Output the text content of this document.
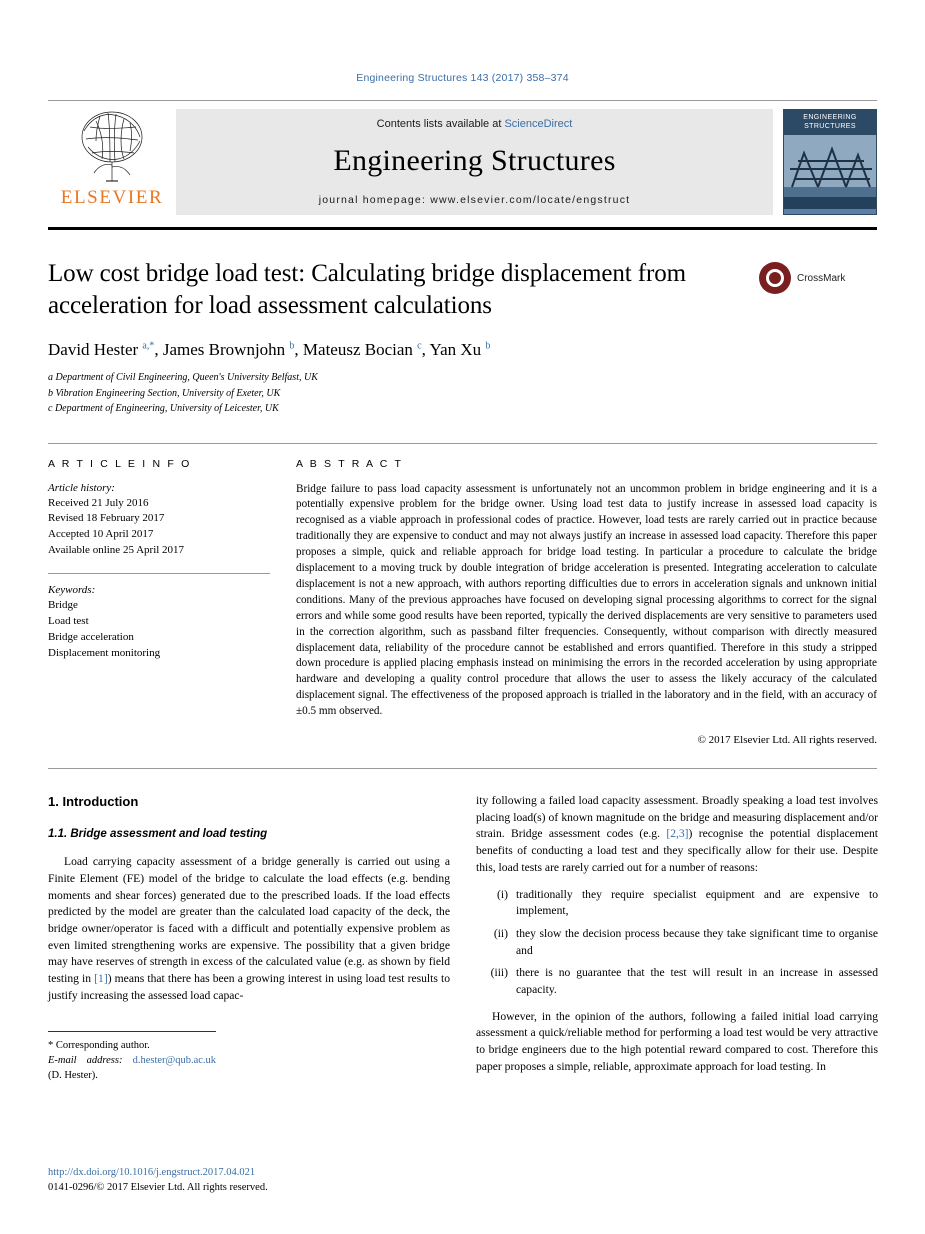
Engineering Structures 143 (2017) 358–374
ELSEVIER
Contents lists available at ScienceDirect
Engineering Structures
journal homepage: www.elsevier.com/locate/engstruct
ENGINEERING
STRUCTURES
Low cost bridge load test: Calculating bridge displacement from acceleration for load assessment calculations
CrossMark
David Hester $^{a,*}$, James Brownjohn $^b$, Mateusz Bocian $^c$, Yan Xu $^b$
a Department of Civil Engineering, Queen's University Belfast, UK
b Vibration Engineering Section, University of Exeter, UK
c Department of Engineering, University of Leicester, UK
A R T I C L E I N F O
Article history:
Received 21 July 2016
Revised 18 February 2017
Accepted 10 April 2017
Available online 25 April 2017
Keywords:
Bridge
Load test
Bridge acceleration
Displacement monitoring
A B S T R A C T
Bridge failure to pass load capacity assessment is unfortunately not an uncommon problem in bridge engineering and it is a potentially expensive problem for the bridge owner. Using load test data to justify increase in assessed load capacity is recognised as a viable approach in professional codes of practice. However, load tests are rarely carried out in practice because traditionally they are expensive to conduct and may not always justify an increase in assessed load capacity. Therefore this paper proposes a simple, quick and reliable approach for bridge load testing. In particular a procedure to calculate the bridge displacement to a moving truck by double integration of bridge acceleration is presented. Integrating acceleration to calculate displacement is not a new approach, with authors reporting difficulties due to errors in acceleration signals and unknown initial conditions. Many of the previous approaches have focused on developing signal processing algorithms to correct for the signal errors and while some good results have been reported, typically the derived displacements are very sensitive to parameters used in the correction algorithm, such as passband filter frequencies. Consequently, without comparison with directly measured displacement data, reliability of the procedure cannot be established and errors quantified. Therefore in this study a stripped down procedure is applied placing emphasis instead on minimising the errors in the recorded acceleration by using appropriate hardware and developing a quality control procedure that allows the user to assess the likely accuracy of the calculated displacement signal. The effectiveness of the proposed approach is trialled in the laboratory and in the field, with an accuracy of ±0.5 mm observed.
© 2017 Elsevier Ltd. All rights reserved.
1. Introduction
1.1. Bridge assessment and load testing

Load carrying capacity assessment of a bridge generally is carried out using a Finite Element (FE) model of the bridge to calculate the load effects (e.g. bending moments and shear forces) generated due to the prescribed loads. If the load effects predicted by the model are greater than the calculated load capacity of the deck, the bridge owner/operator is faced with a difficult and potentially expensive problem as even limited strengthening works are expensive. The possibility that a given bridge may have reserves of strength in excess of the calculated value (e.g. as shown by field testing in [1]) means that there has been a growing interest in using load test results to justify increasing the assessed load capac-

* Corresponding author.
E-mail address: d.hester@qub.ac.uk (D. Hester).

ity following a failed load capacity assessment. Broadly speaking a load test involves placing load(s) of known magnitude on the bridge and measuring displacement and/or strain. Bridge assessment codes (e.g. [2,3]) recognise the potential displacement benefits of conducting a load test and they specifically allow for their use. Despite this, load tests are rarely carried out for a number of reasons:

(i) traditionally they require specialist equipment and are expensive to implement,
(ii) they slow the decision process because they take significant time to organise and
(iii) there is no guarantee that the test will result in an increase in assessed capacity.

However, in the opinion of the authors, following a failed initial load carrying assessment a quick/reliable method for performing a load test would be very attractive to bridge engineers due to the high potential reward compared to cost. Therefore this paper proposes a simple, reliable, approximate approach for load testing. In

http://dx.doi.org/10.1016/j.engstruct.2017.04.021
0141-0296/© 2017 Elsevier Ltd. All rights reserved.
